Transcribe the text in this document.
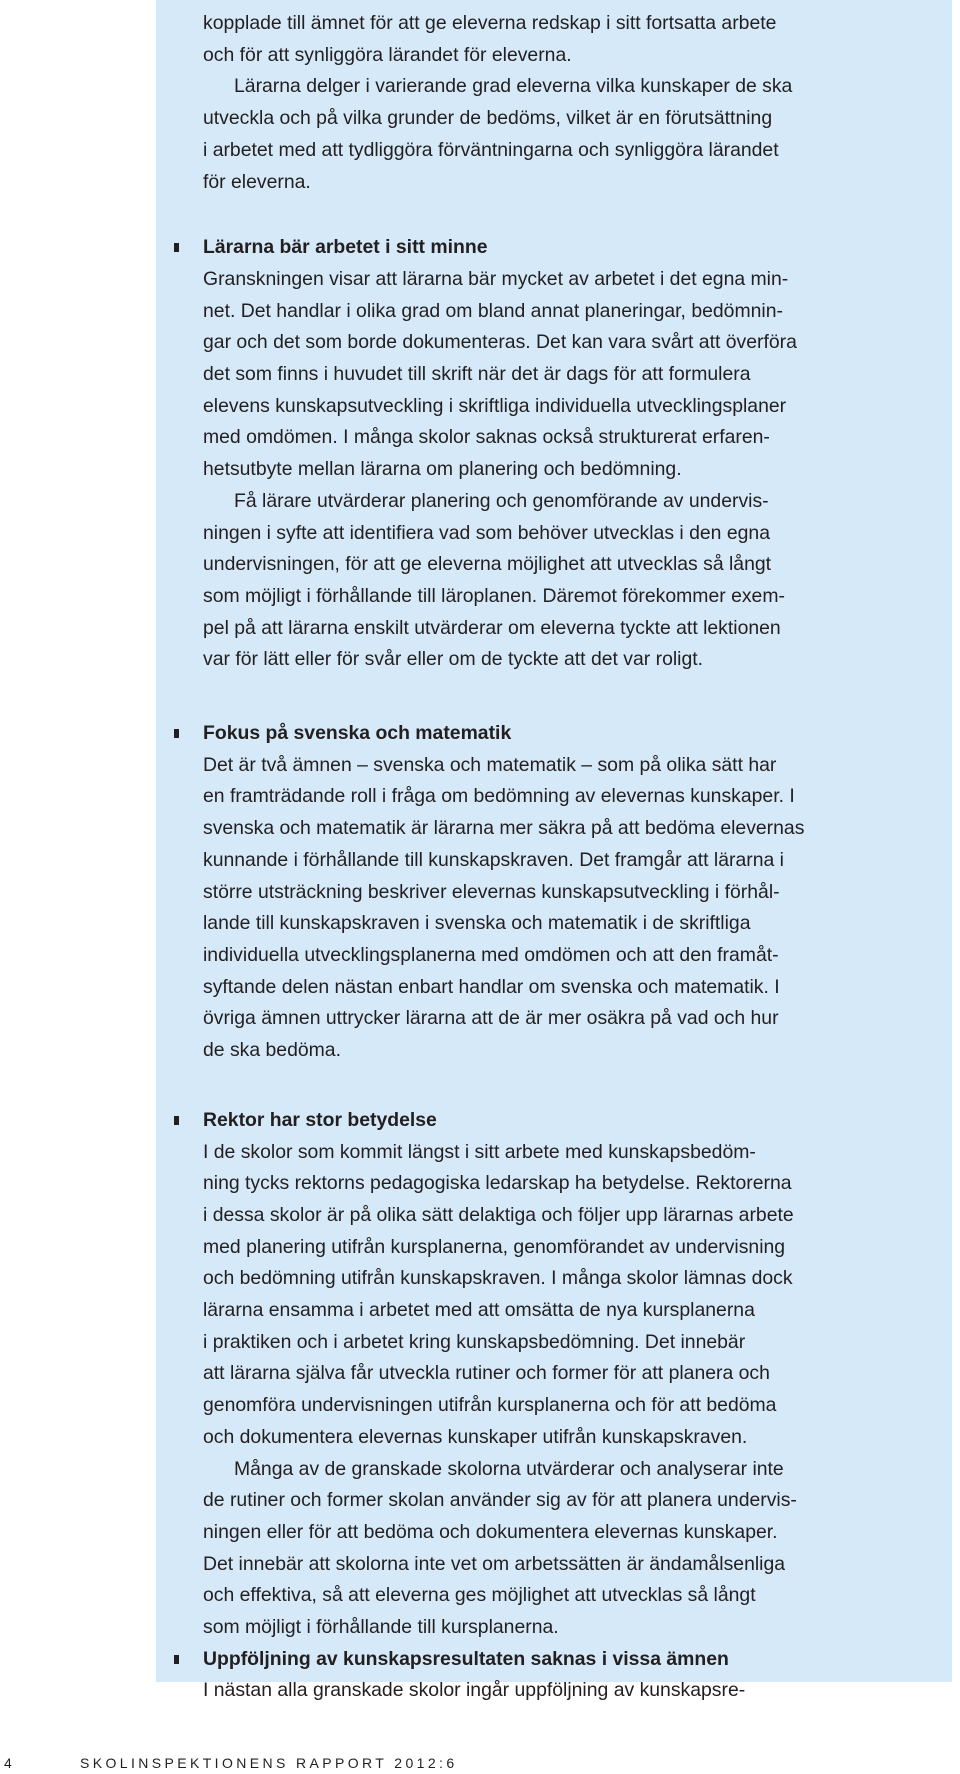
kopplade till ämnet för att ge eleverna redskap i sitt fortsatta arbete
och för att synliggöra lärandet för eleverna.
Lärarna delger i varierande grad eleverna vilka kunskaper de ska
utveckla och på vilka grunder de bedöms, vilket är en förutsättning
i arbetet med att tydliggöra förväntningarna och synliggöra lärandet
för eleverna.
Lärarna bär arbetet i sitt minne
Granskningen visar att lärarna bär mycket av arbetet i det egna min-
net. Det handlar i olika grad om bland annat planeringar, bedömnin-
gar och det som borde dokumenteras. Det kan vara svårt att överföra
det som finns i huvudet till skrift när det är dags för att formulera
elevens kunskapsutveckling i skriftliga individuella utvecklingsplaner
med omdömen. I många skolor saknas också strukturerat erfaren-
hetsutbyte mellan lärarna om planering och bedömning.
Få lärare utvärderar planering och genomförande av undervis-
ningen i syfte att identifiera vad som behöver utvecklas i den egna
undervisningen, för att ge eleverna möjlighet att utvecklas så långt
som möjligt i förhållande till läroplanen. Däremot förekommer exem-
pel på att lärarna enskilt utvärderar om eleverna tyckte att lektionen
var för lätt eller för svår eller om de tyckte att det var roligt.
Fokus på svenska och matematik
Det är två ämnen – svenska och matematik – som på olika sätt har
en framträdande roll i fråga om bedömning av elevernas kunskaper. I
svenska och matematik är lärarna mer säkra på att bedöma elevernas
kunnande i förhållande till kunskapskraven. Det framgår att lärarna i
större utsträckning beskriver elevernas kunskapsutveckling i förhål-
lande till kunskapskraven i svenska och matematik i de skriftliga
individuella utvecklingsplanerna med omdömen och att den framåt-
syftande delen nästan enbart handlar om svenska och matematik. I
övriga ämnen uttrycker lärarna att de är mer osäkra på vad och hur
de ska bedöma.
Rektor har stor betydelse
I de skolor som kommit längst i sitt arbete med kunskapsbedöm-
ning tycks rektorns pedagogiska ledarskap ha betydelse. Rektorerna
i dessa skolor är på olika sätt delaktiga och följer upp lärarnas arbete
med planering utifrån kursplanerna, genomförandet av undervisning
och bedömning utifrån kunskapskraven. I många skolor lämnas dock
lärarna ensamma i arbetet med att omsätta de nya kursplanerna
i praktiken och i arbetet kring kunskapsbedömning. Det innebär
att lärarna själva får utveckla rutiner och former för att planera och
genomföra undervisningen utifrån kursplanerna och för att bedöma
och dokumentera elevernas kunskaper utifrån kunskapskraven.
Många av de granskade skolorna utvärderar och analyserar inte
de rutiner och former skolan använder sig av för att planera undervis-
ningen eller för att bedöma och dokumentera elevernas kunskaper.
Det innebär att skolorna inte vet om arbetssätten är ändamålsenliga
och effektiva, så att eleverna ges möjlighet att utvecklas så långt
som möjligt i förhållande till kursplanerna.
Uppföljning av kunskapsresultaten saknas i vissa ämnen
I nästan alla granskade skolor ingår uppföljning av kunskapsre-
4	SKOLINSPEKTIONENS RAPPORT 2012:6
